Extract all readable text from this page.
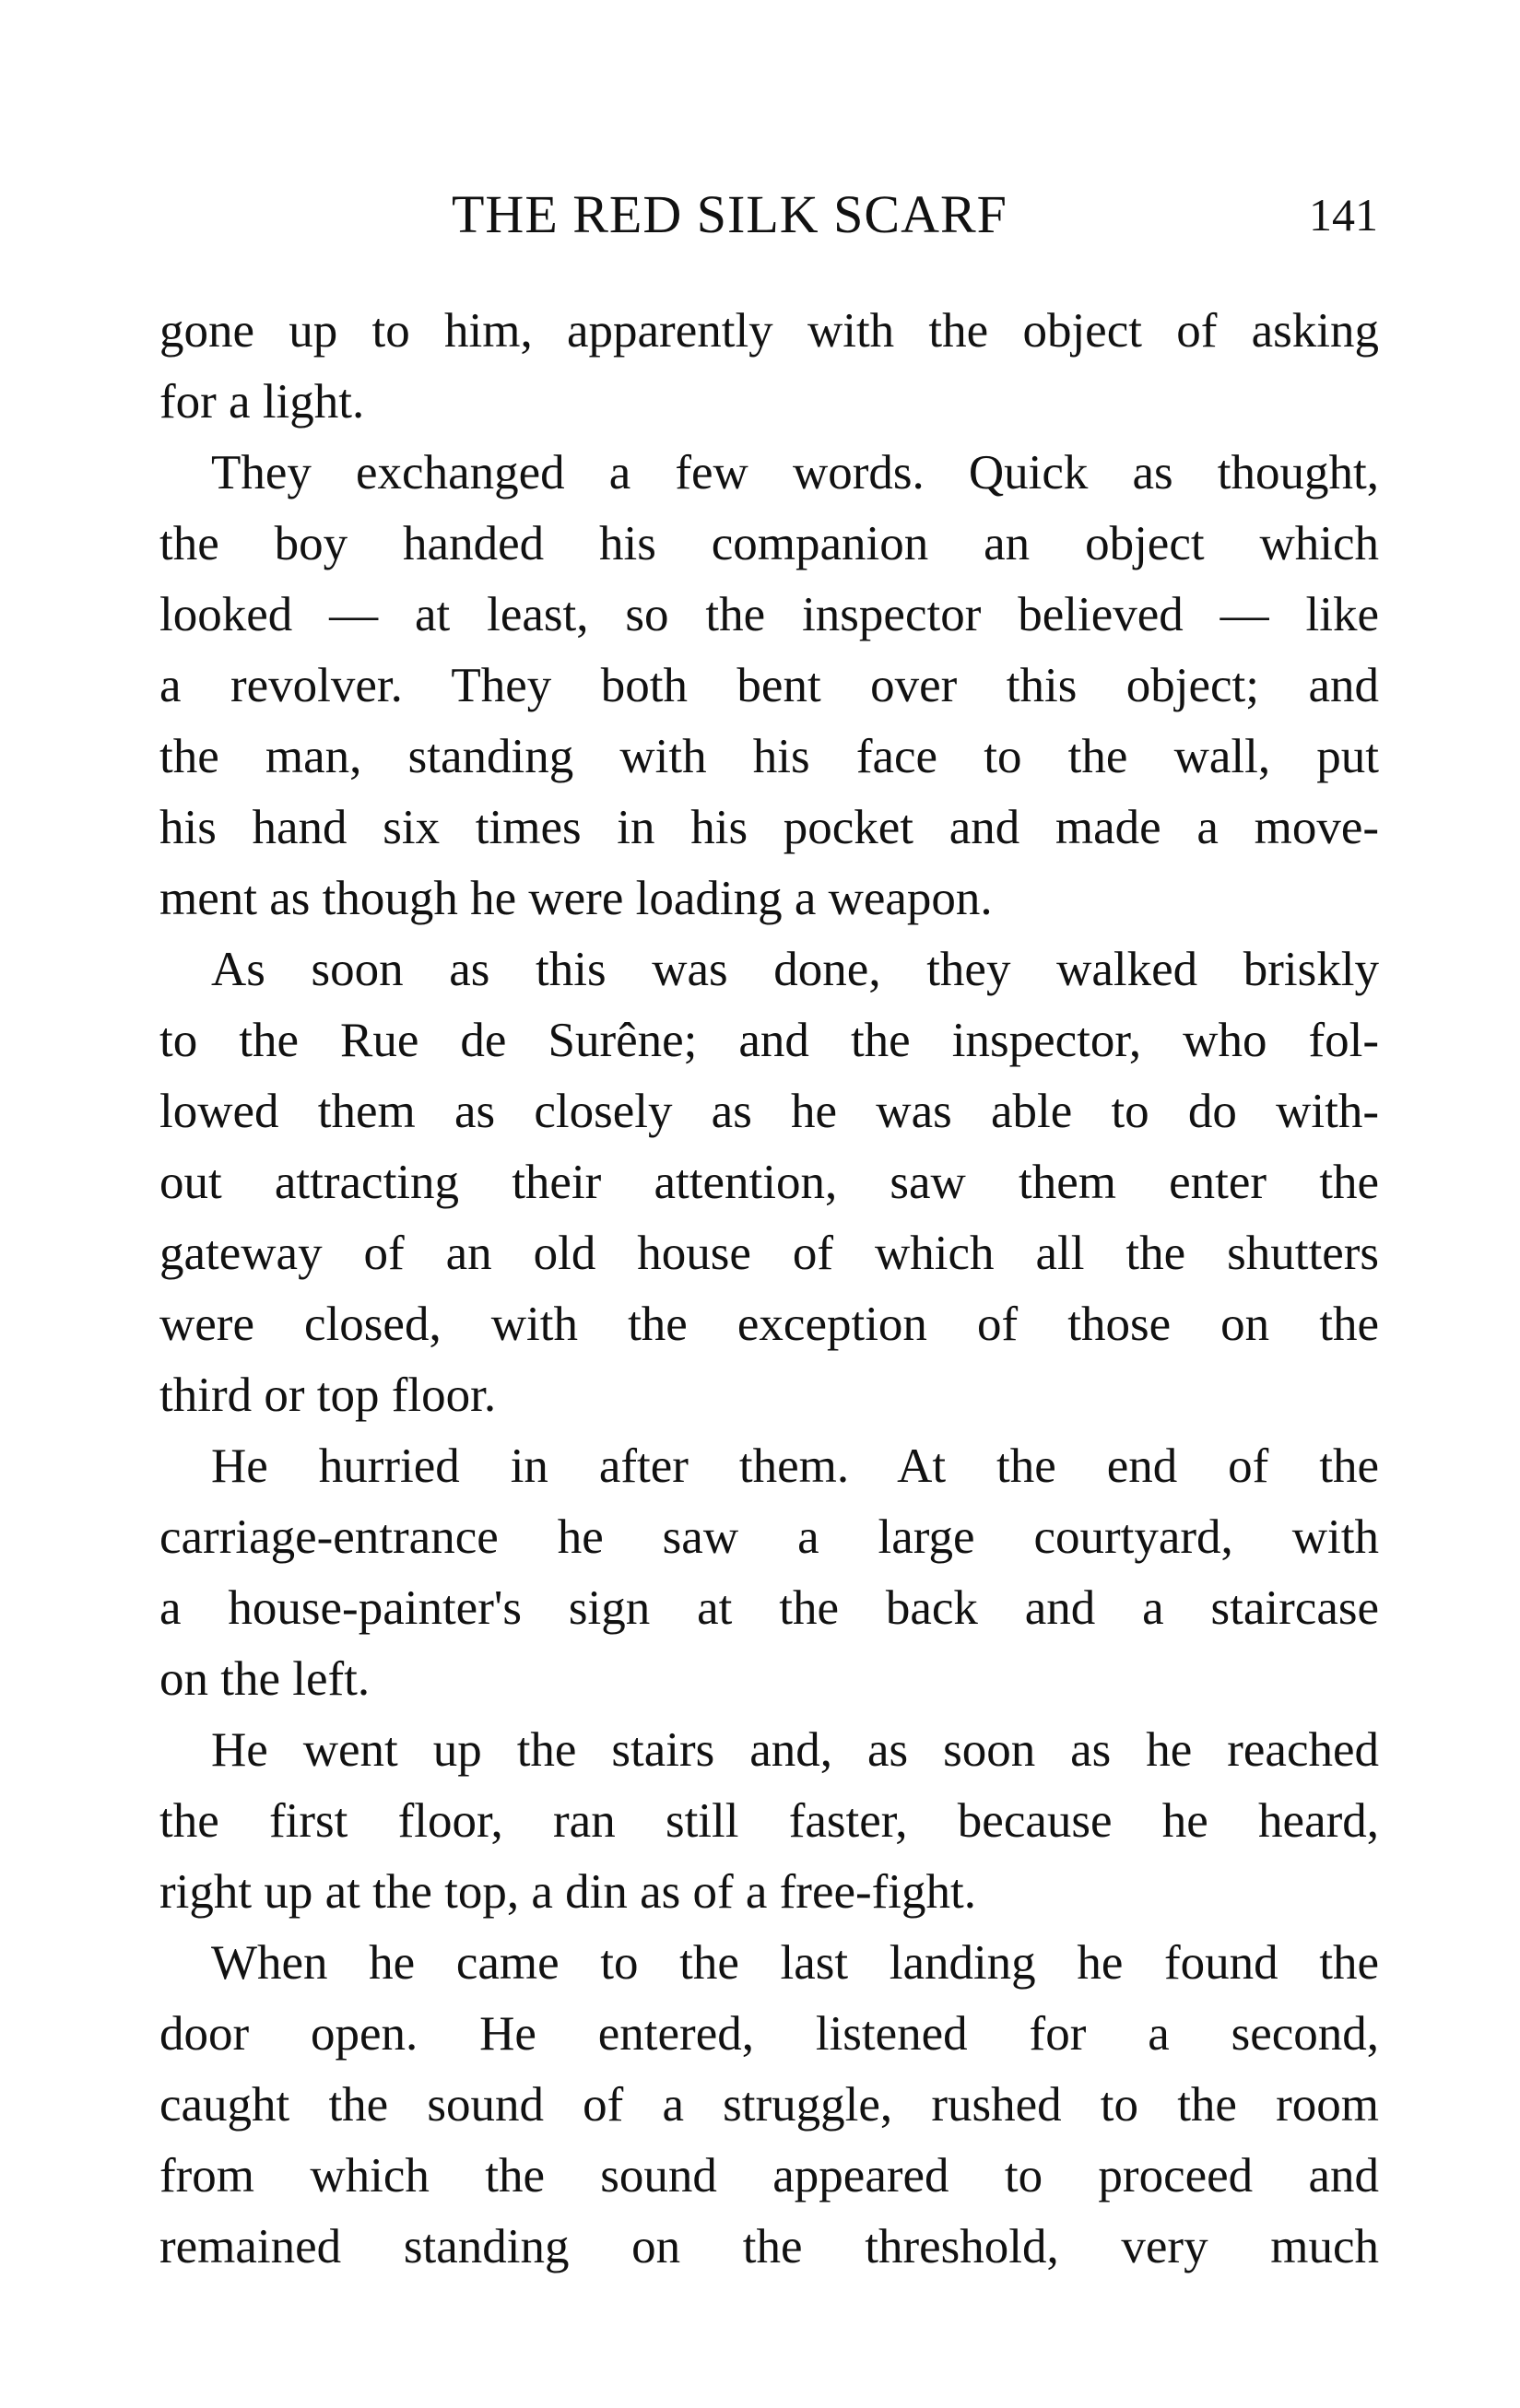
THE RED SILK SCARF	141
gone up to him, apparently with the object of asking
for a light.
They exchanged a few words. Quick as thought,
the boy handed his companion an object which
looked — at least, so the inspector believed — like
a revolver. They both bent over this object; and
the man, standing with his face to the wall, put
his hand six times in his pocket and made a move-
ment as though he were loading a weapon.
As soon as this was done, they walked briskly
to the Rue de Surêne; and the inspector, who fol-
lowed them as closely as he was able to do with-
out attracting their attention, saw them enter the
gateway of an old house of which all the shutters
were closed, with the exception of those on the
third or top floor.
He hurried in after them. At the end of the
carriage-entrance he saw a large courtyard, with
a house-painter's sign at the back and a staircase
on the left.
He went up the stairs and, as soon as he reached
the first floor, ran still faster, because he heard,
right up at the top, a din as of a free-fight.
When he came to the last landing he found the
door open. He entered, listened for a second,
caught the sound of a struggle, rushed to the room
from which the sound appeared to proceed and
remained standing on the threshold, very much
